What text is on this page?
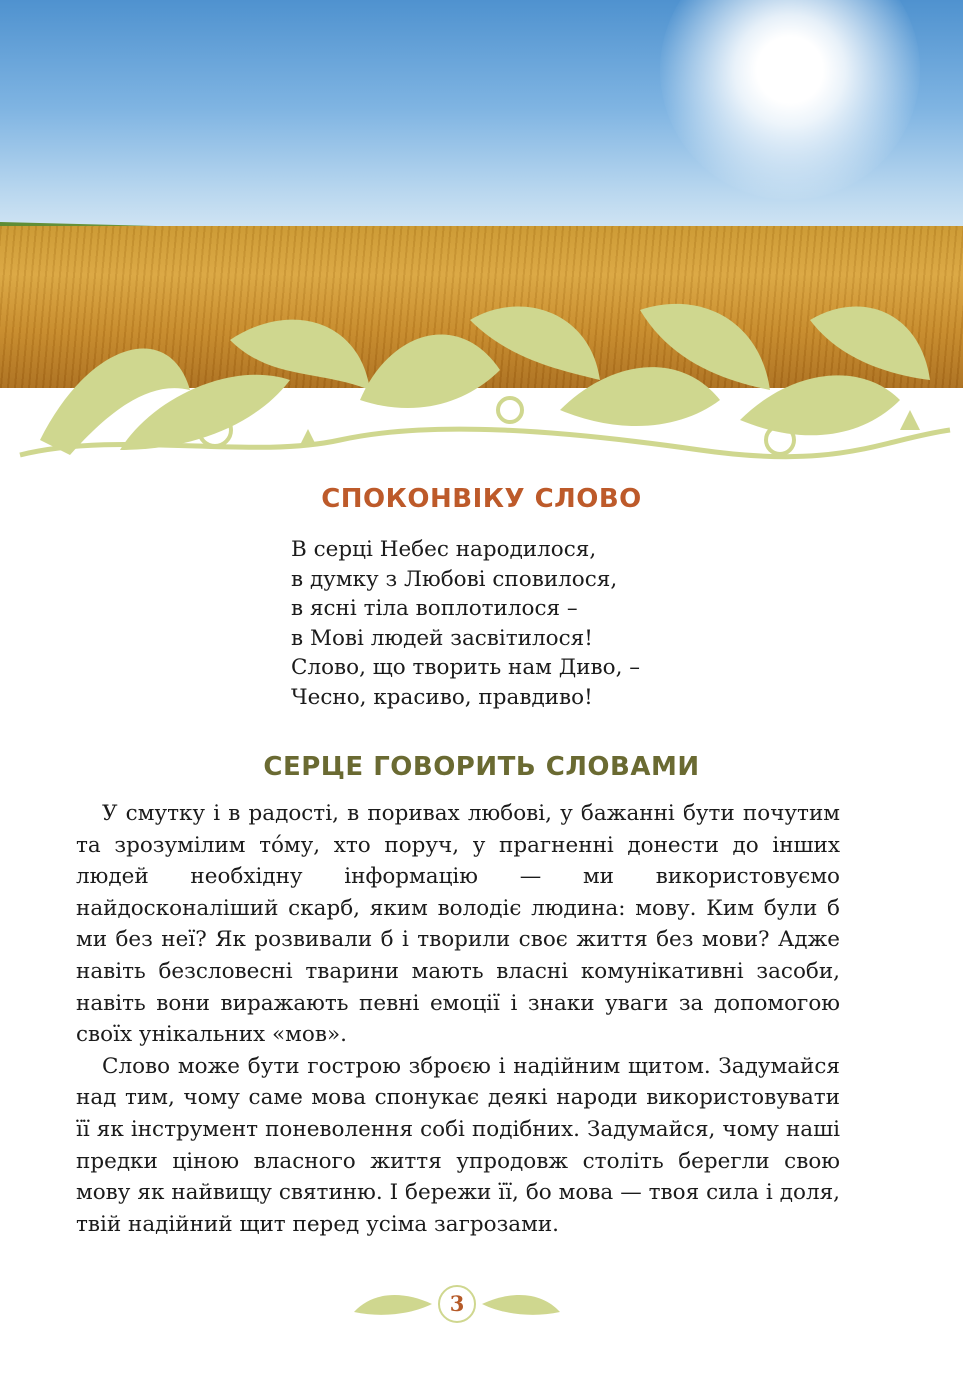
СПОКОНВІКУ СЛОВО
В серці Небес народилося,
в думку з Любові сповилося,
в ясні тіла воплотилося –
в Мові людей засвітилося!
Слово, що творить нам Диво, –
Чесно, красиво, правдиво!
СЕРЦЕ ГОВОРИТЬ СЛОВАМИ

У смутку і в радості, в поривах любові, у бажанні бути почутим та зрозумілим то́му, хто поруч, у прагненні донести до інших людей необхідну інформацію — ми використовуємо найдосконаліший скарб, яким володіє людина: мову. Ким були б ми без неї? Як розвивали б і творили своє життя без мови? Адже навіть безсловесні тварини мають власні комунікативні засоби, навіть вони виражають певні емоції і знаки уваги за допомогою своїх унікальних «мов».

Слово може бути гострою зброєю і надійним щитом. Задумайся над тим, чому саме мова спонукає деякі народи використовувати її як інструмент поневолення собі подібних. Задумайся, чому наші предки ціною власного життя упродовж століть берегли свою мову як найвищу святиню. І бережи її, бо мова — твоя сила і доля, твій надійний щит перед усіма загрозами.

3
